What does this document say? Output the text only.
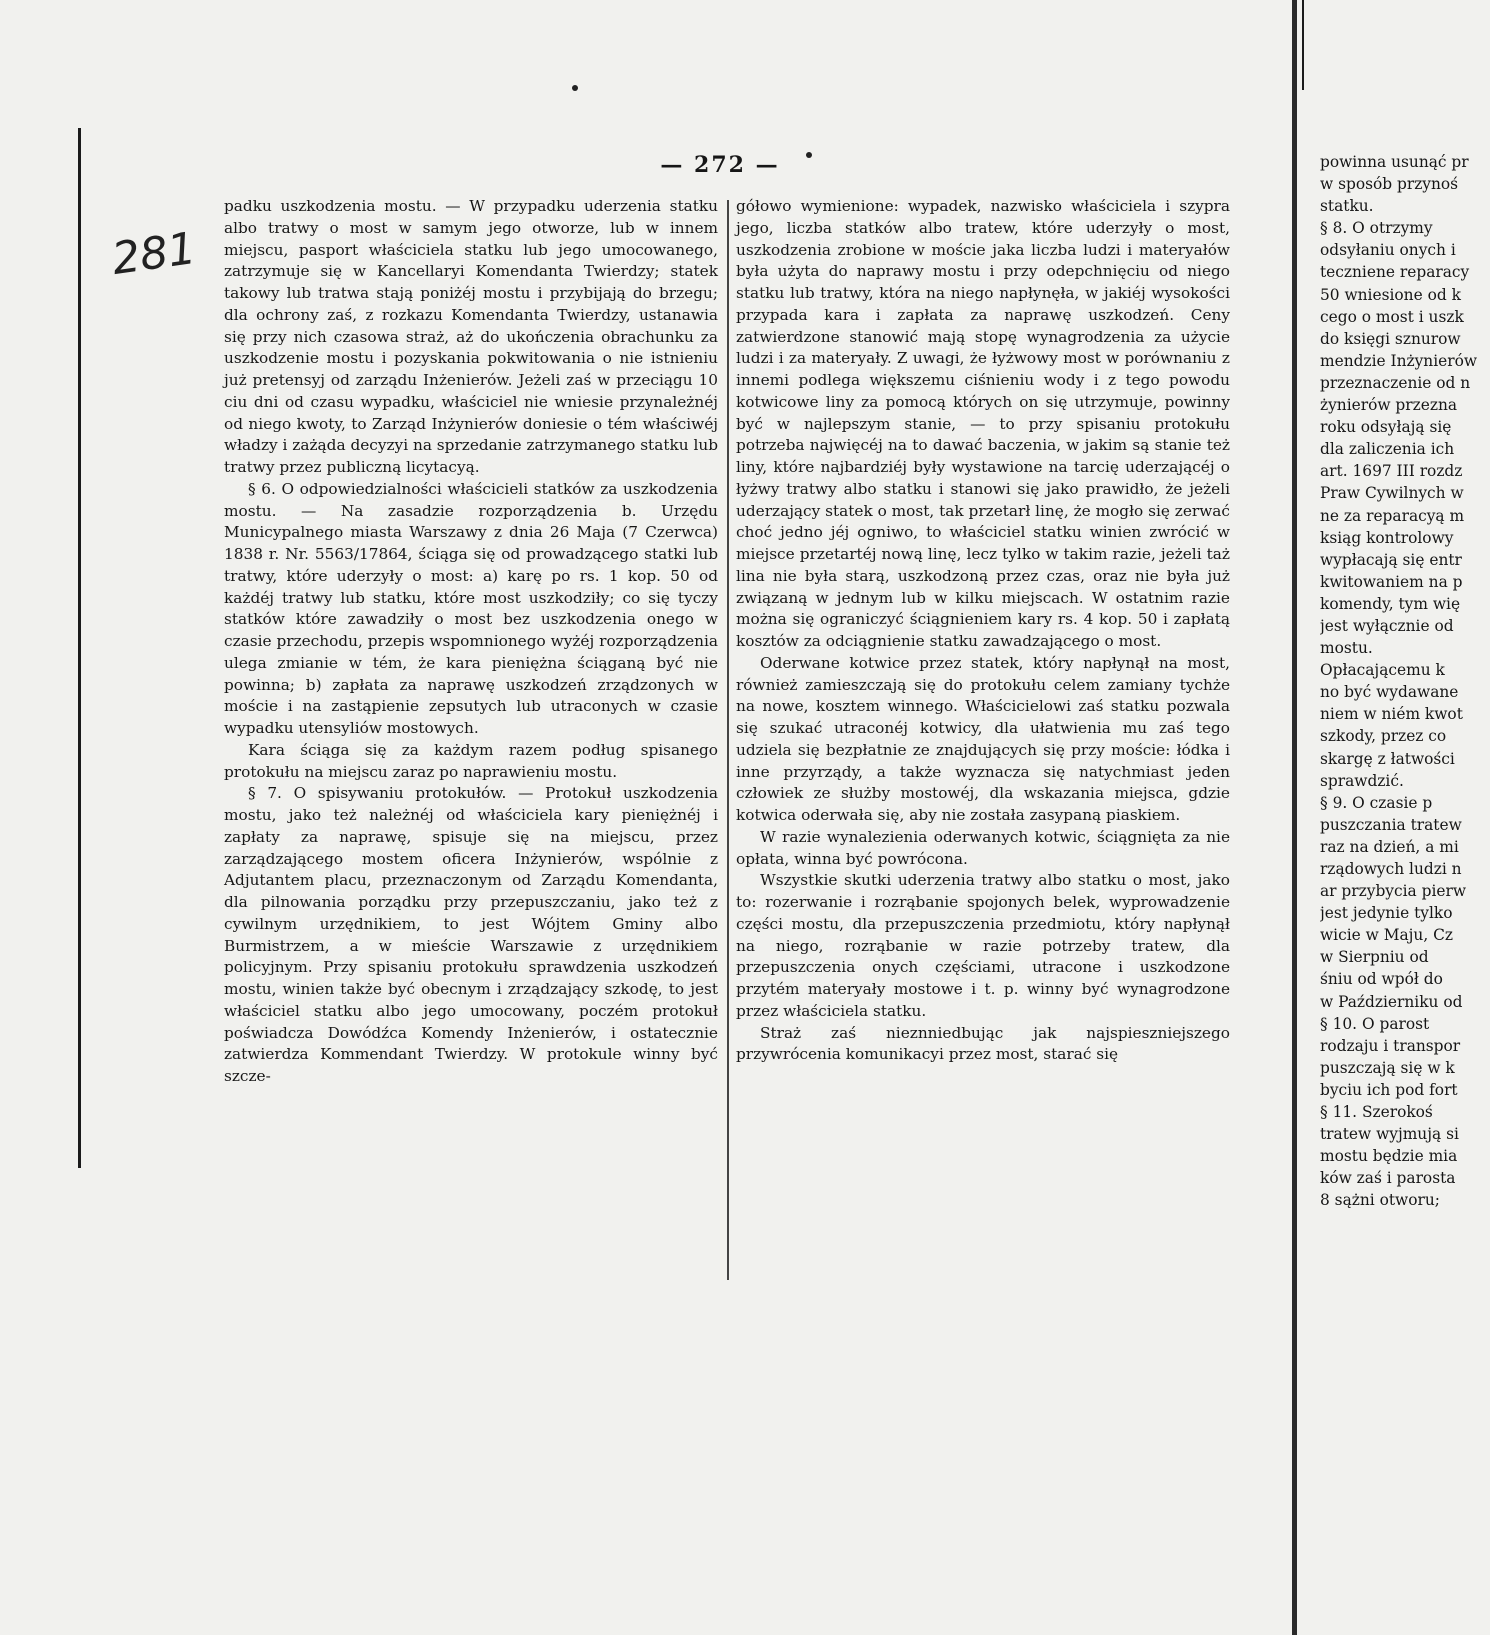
— 272 —
281

padku uszkodzenia mostu. — W przypadku uderzenia statku albo tratwy o most w samym jego otworze, lub w innem miejscu, pasport właściciela statku lub jego umocowanego, zatrzymuje się w Kancellaryi Komendanta Twierdzy; statek takowy lub tratwa stają poniżéj mostu i przybijają do brzegu; dla ochrony zaś, z rozkazu Komendanta Twierdzy, ustanawia się przy nich czasowa straż, aż do ukończenia obrachunku za uszkodzenie mostu i pozyskania pokwitowania o nie istnieniu już pretensyj od zarządu Inżenierów. Jeżeli zaś w przeciągu 10 ciu dni od czasu wypadku, właściciel nie wniesie przynależnéj od niego kwoty, to Zarząd Inżynierów doniesie o tém właściwéj władzy i zażąda decyzyi na sprzedanie zatrzymanego statku lub tratwy przez publiczną licytacyą.

§ 6. O odpowiedzialności właścicieli statków za uszkodzenia mostu. — Na zasadzie rozporządzenia b. Urzędu Municypalnego miasta Warszawy z dnia 26 Maja (7 Czerwca) 1838 r. Nr. 5563/17864, ściąga się od prowadzącego statki lub tratwy, które uderzyły o most: a) karę po rs. 1 kop. 50 od każdéj tratwy lub statku, które most uszkodziły; co się tyczy statków które zawadziły o most bez uszkodzenia onego w czasie przechodu, przepis wspomnionego wyżéj rozporządzenia ulega zmianie w tém, że kara pieniężna ściąganą być nie powinna; b) zapłata za naprawę uszkodzeń zrządzonych w moście i na zastąpienie zepsutych lub utraconych w czasie wypadku utensyliów mostowych.

Kara ściąga się za każdym razem podług spisanego protokułu na miejscu zaraz po naprawieniu mostu.

§ 7. O spisywaniu protokułów. — Protokuł uszkodzenia mostu, jako też należnéj od właściciela kary pieniężnéj i zapłaty za naprawę, spisuje się na miejscu, przez zarządzającego mostem oficera Inżynierów, wspólnie z Adjutantem placu, przeznaczonym od Zarządu Komendanta, dla pilnowania porządku przy przepuszczaniu, jako też z cywilnym urzędnikiem, to jest Wójtem Gminy albo Burmistrzem, a w mieście Warszawie z urzędnikiem policyjnym. Przy spisaniu protokułu sprawdzenia uszkodzeń mostu, winien także być obecnym i zrządzający szkodę, to jest właściciel statku albo jego umocowany, poczém protokuł poświadcza Dowódźca Komendy Inżenierów, i ostatecznie zatwierdza Kommendant Twierdzy. W protokule winny być szcze-

gółowo wymienione: wypadek, nazwisko właściciela i szypra jego, liczba statków albo tratew, które uderzyły o most, uszkodzenia zrobione w moście jaka liczba ludzi i materyałów była użyta do naprawy mostu i przy odepchnięciu od niego statku lub tratwy, która na niego napłynęła, w jakiéj wysokości przypada kara i zapłata za naprawę uszkodzeń. Ceny zatwierdzone stanowić mają stopę wynagrodzenia za użycie ludzi i za materyały. Z uwagi, że łyżwowy most w porównaniu z innemi podlega większemu ciśnieniu wody i z tego powodu kotwicowe liny za pomocą których on się utrzymuje, powinny być w najlepszym stanie, — to przy spisaniu protokułu potrzeba najwięcéj na to dawać baczenia, w jakim są stanie też liny, które najbardziéj były wystawione na tarcię uderzającéj o łyżwy tratwy albo statku i stanowi się jako prawidło, że jeżeli uderzający statek o most, tak przetarł linę, że mogło się zerwać choć jedno jéj ogniwo, to właściciel statku winien zwrócić w miejsce przetartéj nową linę, lecz tylko w takim razie, jeżeli taż lina nie była starą, uszkodzoną przez czas, oraz nie była już związaną w jednym lub w kilku miejscach. W ostatnim razie można się ograniczyć ściągnieniem kary rs. 4 kop. 50 i zapłatą kosztów za odciągnienie statku zawadzającego o most.

Oderwane kotwice przez statek, który napłynął na most, również zamieszczają się do protokułu celem zamiany tychże na nowe, kosztem winnego. Właścicielowi zaś statku pozwala się szukać utraconéj kotwicy, dla ułatwienia mu zaś tego udziela się bezpłatnie ze znajdujących się przy moście: łódka i inne przyrządy, a także wyznacza się natychmiast jeden człowiek ze służby mostowéj, dla wskazania miejsca, gdzie kotwica oderwała się, aby nie została zasypaną piaskiem.

W razie wynalezienia oderwanych kotwic, ściągnięta za nie opłata, winna być powrócona.

Wszystkie skutki uderzenia tratwy albo statku o most, jako to: rozerwanie i rozrąbanie spojonych belek, wyprowadzenie części mostu, dla przepuszczenia przedmiotu, który napłynął na niego, rozrąbanie w razie potrzeby tratew, dla przepuszczenia onych częściami, utracone i uszkodzone przytém materyały mostowe i t. p. winny być wynagrodzone przez właściciela statku.

Straż zaś nieznniedbując jak najspieszniejszego przywrócenia komunikacyi przez most, starać się

powinna usunąć pr
w sposób przynoś
statku.
§ 8. O otrzymy
odsyłaniu onych i
teczniene reparacy
50 wniesione od k
cego o most i uszk
do księgi sznurow
mendzie Inżynierów
przeznaczenie od n
żynierów przezna
roku odsyłają się
dla zaliczenia ich
art. 1697 III rozdz
Praw Cywilnych w
ne za reparacyą m
ksiąg kontrolowy
wypłacają się entr
kwitowaniem na p
komendy, tym wię
jest wyłącznie od
mostu.
Opłacającemu k
no być wydawane
niem w niém kwot
szkody, przez co
skargę z łatwości
sprawdzić.
§ 9. O czasie p
puszczania tratew
raz na dzień, a mi
rządowych ludzi n
ar przybycia pierw
jest jedynie tylko
wicie w Maju, Cz
w Sierpniu od
śniu od wpół do
w Październiku od
§ 10. O parost
rodzaju i transpor
puszczają się w k
byciu ich pod fort
§ 11. Szerokoś
tratew wyjmują si
mostu będzie mia
ków zaś i parosta
8 sążni otworu;
